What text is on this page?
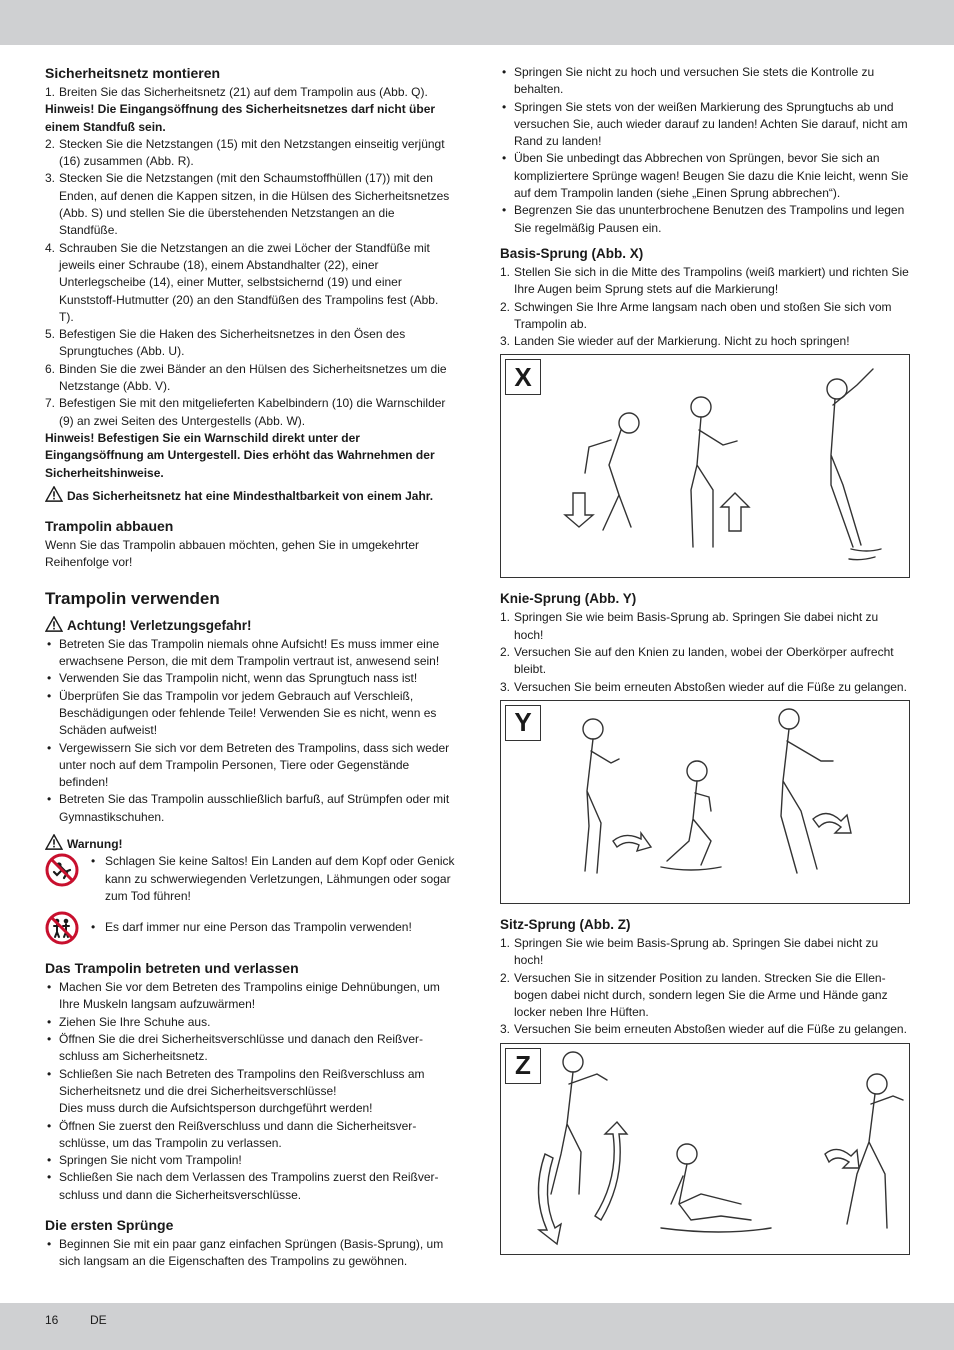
Sicherheitsnetz montieren
1. Breiten Sie das Sicherheitsnetz (21) auf dem Trampolin aus (Abb. Q).

Hinweis! Die Eingangsöffnung des Sicherheitsnetzes darf nicht über einem Standfuß sein.

2. Stecken Sie die Netzstangen (15) mit den Netzstangen einseitig verjüngt (16) zusammen (Abb. R).
3. Stecken Sie die Netzstangen (mit den Schaumstoffhüllen (17)) mit den Enden, auf denen die Kappen sitzen, in die Hülsen des Sicherheitsnetzes (Abb. S) und stellen Sie die überstehenden Netzstangen an die Standfüße.
4. Schrauben Sie die Netzstangen an die zwei Löcher der Standfüße mit jeweils einer Schraube (18), einem Abstandhalter (22), einer Unterlegscheibe (14), einer Mutter, selbstsichernd (19) und einer Kunststoff-Hutmutter (20) an den Standfüßen des Trampolins fest (Abb. T).
5. Befestigen Sie die Haken des Sicherheitsnetzes in den Ösen des Sprungtuches (Abb. U).
6. Binden Sie die zwei Bänder an den Hülsen des Sicherheitsnetzes um die Netzstange (Abb. V).
7. Befestigen Sie mit den mitgelieferten Kabelbindern (10) die Warnschilder (9) an zwei Seiten des Untergestells (Abb. W).

Hinweis! Befestigen Sie ein Warnschild direkt unter der Eingangsöffnung am Untergestell. Dies erhöht das Wahrnehmen der Sicherheitshinweise.

Das Sicherheitsnetz hat eine Mindesthaltbarkeit von einem Jahr.

Trampolin abbauen

Wenn Sie das Trampolin abbauen möchten, gehen Sie in umgekehrter Reihenfolge vor!

Trampolin verwenden
Achtung! Verletzungsgefahr!
• Betreten Sie das Trampolin niemals ohne Aufsicht! Es muss immer eine erwachsene Person, die mit dem Trampolin vertraut ist, anwesend sein!
• Verwenden Sie das Trampolin nicht, wenn das Sprungtuch nass ist!
• Überprüfen Sie das Trampolin vor jedem Gebrauch auf Verschleiß, Beschädigungen oder fehlende Teile! Verwenden Sie es nicht, wenn es Schäden aufweist!
• Vergewissern Sie sich vor dem Betreten des Trampolins, dass sich weder unter noch auf dem Trampolin Personen, Tiere oder Gegenstände befinden!
• Betreten Sie das Trampolin ausschließlich barfuß, auf Strümpfen oder mit Gymnastikschuhen.

Warnung!

• Schlagen Sie keine Saltos! Ein Landen auf dem Kopf oder Genick kann zu schwerwiegenden Verletzungen, Lähmungen oder sogar zum Tod führen!
• Es darf immer nur eine Person das Trampolin verwenden!
Das Trampolin betreten und verlassen
• Machen Sie vor dem Betreten des Trampolins einige Dehnübungen, um Ihre Muskeln langsam aufzuwärmen!
• Ziehen Sie Ihre Schuhe aus.
• Öffnen Sie die drei Sicherheitsverschlüsse und danach den Reißverschluss am Sicherheitsnetz.
• Schließen Sie nach Betreten des Trampolins den Reißverschluss am Sicherheitsnetz und die drei Sicherheitsverschlüsse!
Dies muss durch die Aufsichtsperson durchgeführt werden!
• Öffnen Sie zuerst den Reißverschluss und dann die Sicherheitsverschlüsse, um das Trampolin zu verlassen.
• Springen Sie nicht vom Trampolin!
• Schließen Sie nach dem Verlassen des Trampolins zuerst den Reißverschluss und dann die Sicherheitsverschlüsse.
Die ersten Sprünge
• Beginnen Sie mit ein paar ganz einfachen Sprüngen (Basis-Sprung), um sich langsam an die Eigenschaften des Trampolins zu gewöhnen.
• Springen Sie nicht zu hoch und versuchen Sie stets die Kontrolle zu behalten.
• Springen Sie stets von der weißen Markierung des Sprungtuchs ab und versuchen Sie, auch wieder darauf zu landen! Achten Sie darauf, nicht am Rand zu landen!
• Üben Sie unbedingt das Abbrechen von Sprüngen, bevor Sie sich an kompliziertere Sprünge wagen! Beugen Sie dazu die Knie leicht, wenn Sie auf dem Trampolin landen (siehe „Einen Sprung abbrechen“).
• Begrenzen Sie das ununterbrochene Benutzen des Trampolins und legen Sie regelmäßig Pausen ein.
Basis-Sprung (Abb. X)
1. Stellen Sie sich in die Mitte des Trampolins (weiß markiert) und richten Sie Ihre Augen beim Sprung stets auf die Markierung!
2. Schwingen Sie Ihre Arme langsam nach oben und stoßen Sie sich vom Trampolin ab.
3. Landen Sie wieder auf der Markierung. Nicht zu hoch springen!
X
Knie-Sprung (Abb. Y)
1. Springen Sie wie beim Basis-Sprung ab. Springen Sie dabei nicht zu hoch!
2. Versuchen Sie auf den Knien zu landen, wobei der Oberkörper aufrecht bleibt.
3. Versuchen Sie beim erneuten Abstoßen wieder auf die Füße zu gelangen.
Y
Sitz-Sprung (Abb. Z)
1. Springen Sie wie beim Basis-Sprung ab. Springen Sie dabei nicht zu hoch!
2. Versuchen Sie in sitzender Position zu landen. Strecken Sie die Ellenbogen dabei nicht durch, sondern legen Sie die Arme und Hände ganz locker neben Ihre Hüften.
3. Versuchen Sie beim erneuten Abstoßen wieder auf die Füße zu gelangen.
Z
16	DE
